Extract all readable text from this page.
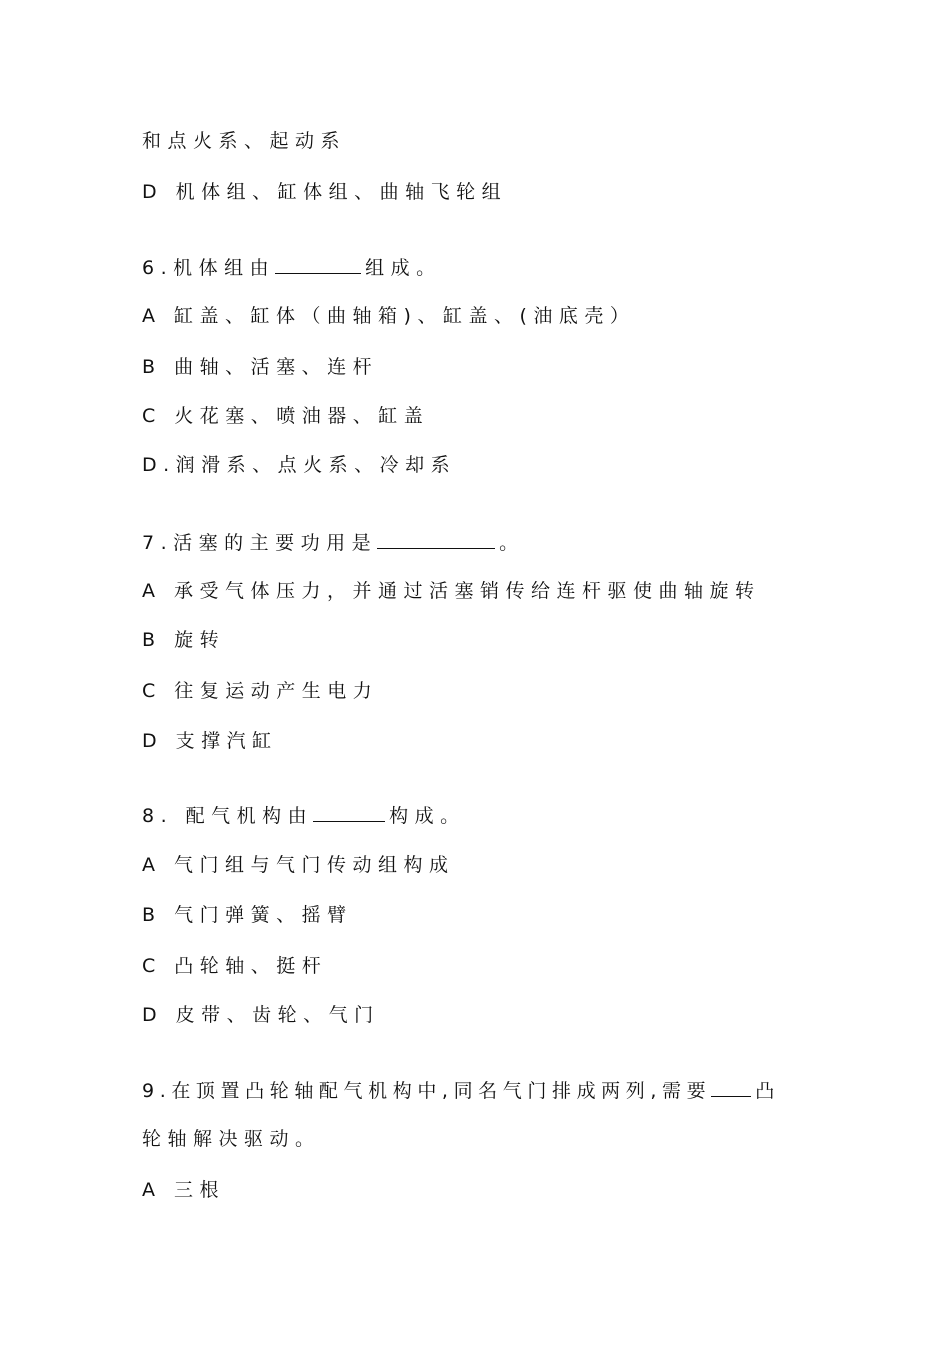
和点火系、起动系
D 机体组、缸体组、曲轴飞轮组
6.机体组由	组成。
A 缸盖、缸体（曲轴箱)、缸盖、(油底壳）
B 曲轴、活塞、连杆
C 火花塞、喷油器、缸盖
D.润滑系、点火系、冷却系
7.活塞的主要功用是	。
A 承受气体压力，并通过活塞销传给连杆驱使曲轴旋转
B 旋转
C 往复运动产生电力
D 支撑汽缸
8. 配气机构由	构成。
A 气门组与气门传动组构成
B 气门弹簧、摇臂
C 凸轮轴、挺杆
D 皮带、齿轮、气门
9.在顶置凸轮轴配气机构中,同名气门排成两列,需要 凸
轮轴解决驱动。
A 三根
